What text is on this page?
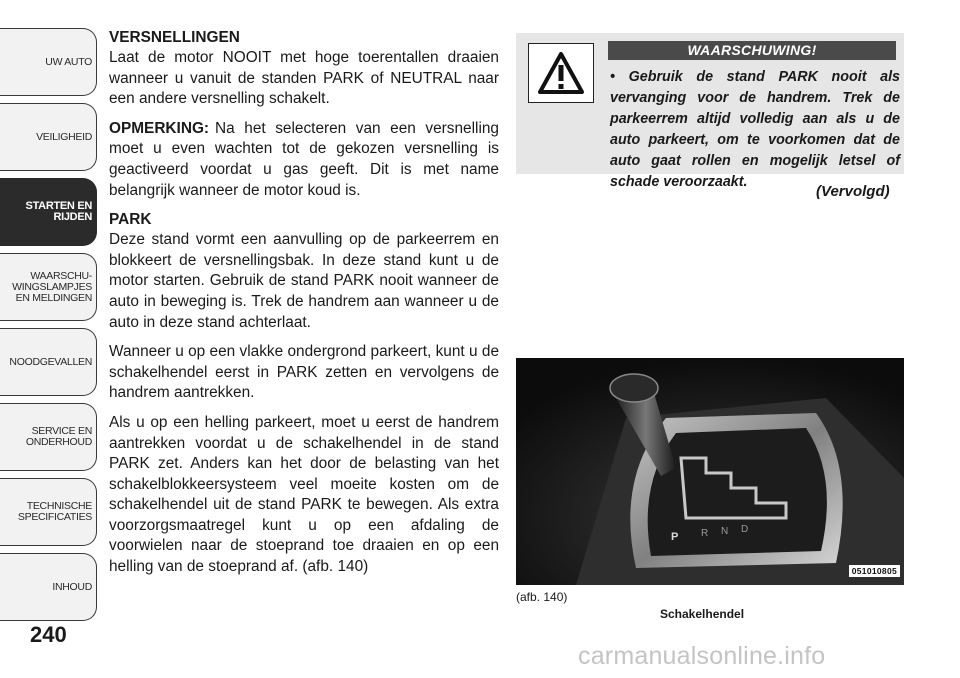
UW AUTO
VEILIGHEID
STARTEN EN
RIJDEN
WAARSCHU-
WINGSLAMPJES
EN MELDINGEN
NOODGEVALLEN
SERVICE EN
ONDERHOUD
TECHNISCHE
SPECIFICATIES
INHOUD
240
VERSNELLINGEN

Laat de motor NOOIT met hoge toerentallen draaien wanneer u vanuit de standen PARK of NEUTRAL naar een andere versnelling schakelt.

OPMERKING: Na het selecteren van een versnelling moet u even wachten tot de gekozen versnelling is geactiveerd voordat u gas geeft. Dit is met name belangrijk wanneer de motor koud is.

PARK

Deze stand vormt een aanvulling op de parkeerrem en blokkeert de versnellingsbak. In deze stand kunt u de motor starten. Gebruik de stand PARK nooit wanneer de auto in beweging is. Trek de handrem aan wanneer u de auto in deze stand achterlaat.

Wanneer u op een vlakke ondergrond parkeert, kunt u de schakelhendel eerst in PARK zetten en vervolgens de handrem aantrekken.

Als u op een helling parkeert, moet u eerst de handrem aantrekken voordat u de schakelhendel in de stand PARK zet. Anders kan het door de belasting van het schakelblokkeersysteem veel moeite kosten om de schakelhendel uit de stand PARK te bewegen. Als extra voorzorgsmaatregel kunt u op een afdaling de voorwielen naar de stoeprand toe draaien en op een helling van de stoeprand af. (afb. 140)

WAARSCHUWING!
• Gebruik de stand PARK nooit als vervanging voor de handrem. Trek de parkeerrem altijd volledig aan als u de auto parkeert, om te voorkomen dat de auto gaat rollen en mogelijk letsel of schade veroorzaakt.
(Vervolgd)
P R N D
051010805
(afb. 140)
Schakelhendel
carmanualsonline.info
